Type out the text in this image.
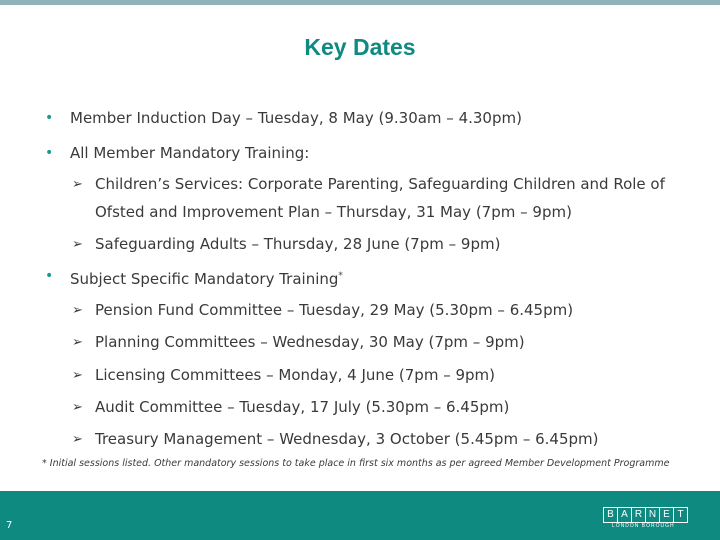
Key Dates
• Member Induction Day – Tuesday, 8 May (9.30am – 4.30pm)
• All Member Mandatory Training:
➢ Children’s Services: Corporate Parenting, Safeguarding Children and Role of
Ofsted and Improvement Plan – Thursday, 31 May (7pm – 9pm)
➢ Safeguarding Adults – Thursday, 28 June (7pm – 9pm)
• Subject Specific Mandatory Training*
➢ Pension Fund Committee – Tuesday, 29 May (5.30pm – 6.45pm)
➢ Planning Committees – Wednesday, 30 May (7pm – 9pm)
➢ Licensing Committees – Monday, 4 June (7pm – 9pm)
➢ Audit Committee – Tuesday, 17 July (5.30pm – 6.45pm)
➢ Treasury Management – Wednesday, 3 October (5.45pm – 6.45pm)
* Initial sessions listed. Other mandatory sessions to take place in first six months as per agreed Member Development Programme
7
B A R N E T
LONDON BOROUGH
